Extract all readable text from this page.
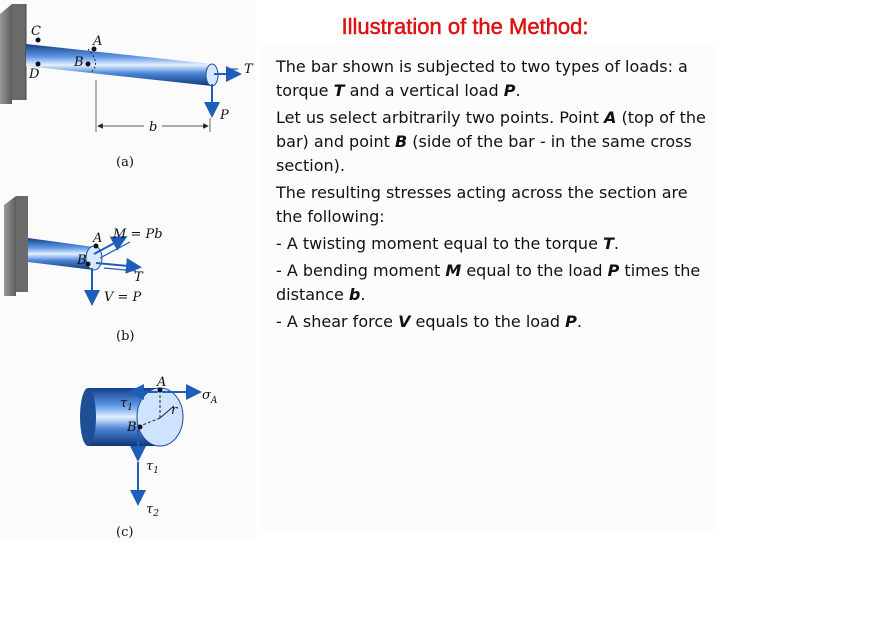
Illustration of the Method:

The bar shown is subjected to two types of loads: a torque T and a vertical load P.

Let us select arbitrarily two points. Point A (top of the bar) and point B (side of the bar - in the same cross section).

The resulting stresses acting across the section are the following:

- A twisting moment equal to the torque T.

- A bending moment M equal to the load P times the distance b.

- A shear force V equals to the load P.

C
D
A
B	T
P
b
(a)
A
B
M = Pb
T
V = P
(b)
r
A
B
$\sigma_A$
$\tau_1$
$\tau_1$
$\tau_2$
(c)
